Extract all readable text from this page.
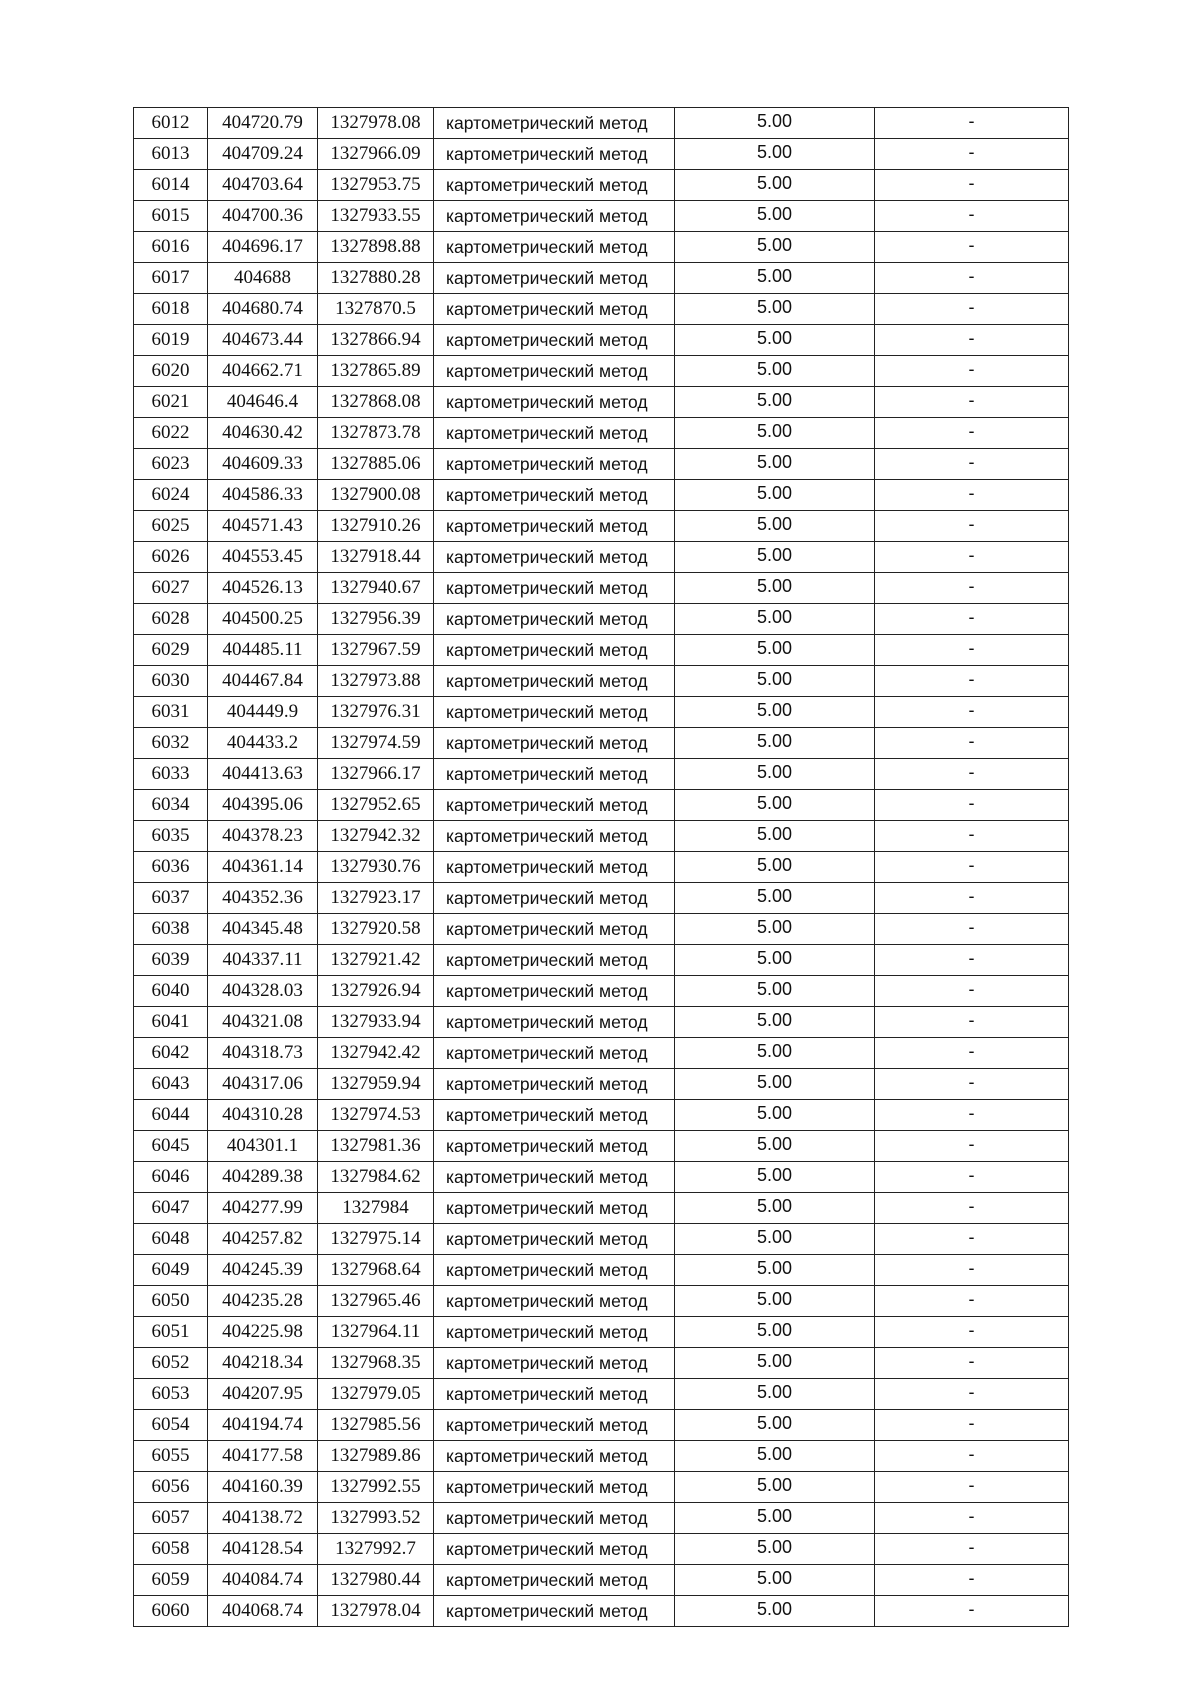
6012	404720.79	1327978.08	картометрический метод	5.00	-
6013	404709.24	1327966.09	картометрический метод	5.00	-
6014	404703.64	1327953.75	картометрический метод	5.00	-
6015	404700.36	1327933.55	картометрический метод	5.00	-
6016	404696.17	1327898.88	картометрический метод	5.00	-
6017	404688	1327880.28	картометрический метод	5.00	-
6018	404680.74	1327870.5	картометрический метод	5.00	-
6019	404673.44	1327866.94	картометрический метод	5.00	-
6020	404662.71	1327865.89	картометрический метод	5.00	-
6021	404646.4	1327868.08	картометрический метод	5.00	-
6022	404630.42	1327873.78	картометрический метод	5.00	-
6023	404609.33	1327885.06	картометрический метод	5.00	-
6024	404586.33	1327900.08	картометрический метод	5.00	-
6025	404571.43	1327910.26	картометрический метод	5.00	-
6026	404553.45	1327918.44	картометрический метод	5.00	-
6027	404526.13	1327940.67	картометрический метод	5.00	-
6028	404500.25	1327956.39	картометрический метод	5.00	-
6029	404485.11	1327967.59	картометрический метод	5.00	-
6030	404467.84	1327973.88	картометрический метод	5.00	-
6031	404449.9	1327976.31	картометрический метод	5.00	-
6032	404433.2	1327974.59	картометрический метод	5.00	-
6033	404413.63	1327966.17	картометрический метод	5.00	-
6034	404395.06	1327952.65	картометрический метод	5.00	-
6035	404378.23	1327942.32	картометрический метод	5.00	-
6036	404361.14	1327930.76	картометрический метод	5.00	-
6037	404352.36	1327923.17	картометрический метод	5.00	-
6038	404345.48	1327920.58	картометрический метод	5.00	-
6039	404337.11	1327921.42	картометрический метод	5.00	-
6040	404328.03	1327926.94	картометрический метод	5.00	-
6041	404321.08	1327933.94	картометрический метод	5.00	-
6042	404318.73	1327942.42	картометрический метод	5.00	-
6043	404317.06	1327959.94	картометрический метод	5.00	-
6044	404310.28	1327974.53	картометрический метод	5.00	-
6045	404301.1	1327981.36	картометрический метод	5.00	-
6046	404289.38	1327984.62	картометрический метод	5.00	-
6047	404277.99	1327984	картометрический метод	5.00	-
6048	404257.82	1327975.14	картометрический метод	5.00	-
6049	404245.39	1327968.64	картометрический метод	5.00	-
6050	404235.28	1327965.46	картометрический метод	5.00	-
6051	404225.98	1327964.11	картометрический метод	5.00	-
6052	404218.34	1327968.35	картометрический метод	5.00	-
6053	404207.95	1327979.05	картометрический метод	5.00	-
6054	404194.74	1327985.56	картометрический метод	5.00	-
6055	404177.58	1327989.86	картометрический метод	5.00	-
6056	404160.39	1327992.55	картометрический метод	5.00	-
6057	404138.72	1327993.52	картометрический метод	5.00	-
6058	404128.54	1327992.7	картометрический метод	5.00	-
6059	404084.74	1327980.44	картометрический метод	5.00	-
6060	404068.74	1327978.04	картометрический метод	5.00	-
